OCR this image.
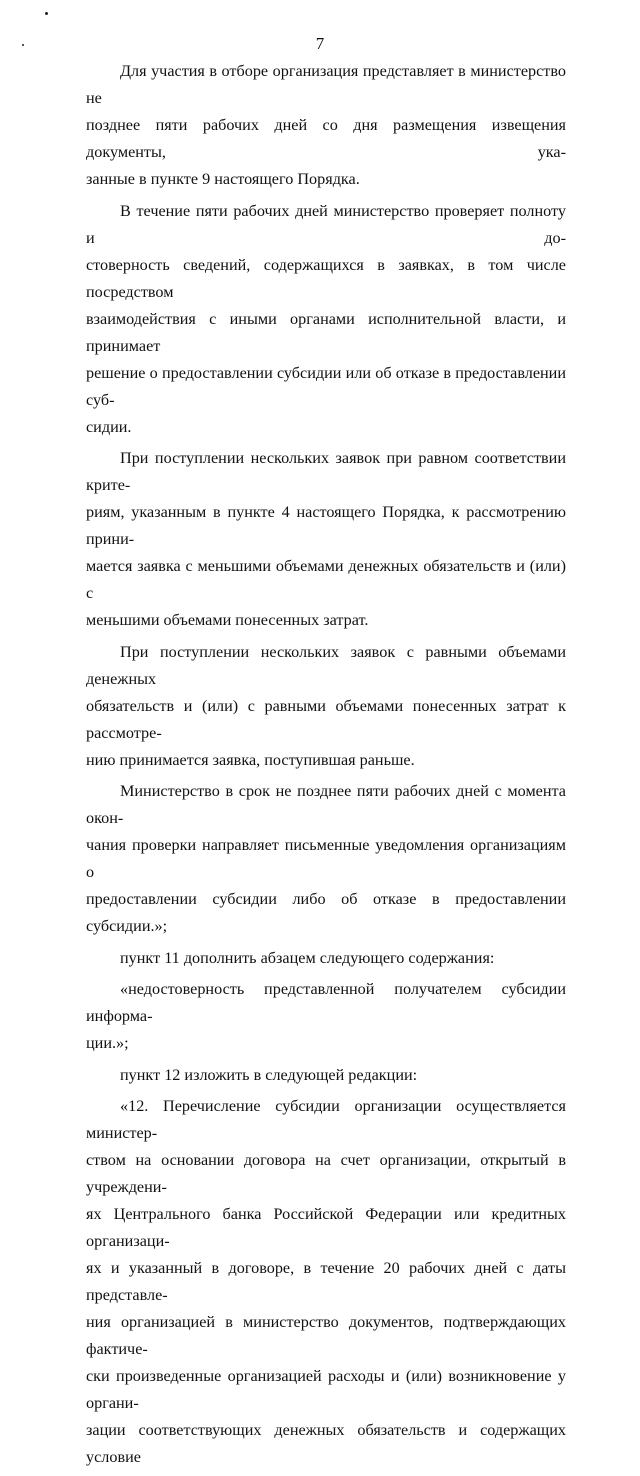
7

Для участия в отборе организация представляет в министерство не
позднее пяти рабочих дней со дня размещения извещения документы, ука-
занные в пункте 9 настоящего Порядка.

В течение пяти рабочих дней министерство проверяет полноту и до-
стоверность сведений, содержащихся в заявках, в том числе посредством
взаимодействия с иными органами исполнительной власти, и принимает
решение о предоставлении субсидии или об отказе в предоставлении суб-
сидии.

При поступлении нескольких заявок при равном соответствии крите-
риям, указанным в пункте 4 настоящего Порядка, к рассмотрению прини-
мается заявка с меньшими объемами денежных обязательств и (или) с
меньшими объемами понесенных затрат.

При поступлении нескольких заявок с равными объемами денежных
обязательств и (или) с равными объемами понесенных затрат к рассмотре-
нию принимается заявка, поступившая раньше.

Министерство в срок не позднее пяти рабочих дней с момента окон-
чания проверки направляет письменные уведомления организациям о
предоставлении субсидии либо об отказе в предоставлении субсидии.»;

пункт 11 дополнить абзацем следующего содержания:

«недостоверность представленной получателем субсидии информа-
ции.»;

пункт 12 изложить в следующей редакции:

«12. Перечисление субсидии организации осуществляется министер-
ством на основании договора на счет организации, открытый в учреждени-
ях Центрального банка Российской Федерации или кредитных организаци-
ях и указанный в договоре, в течение 20 рабочих дней с даты представле-
ния организацией в министерство документов, подтверждающих фактиче-
ски произведенные организацией расходы и (или) возникновение у органи-
зации соответствующих денежных обязательств и содержащих условие
